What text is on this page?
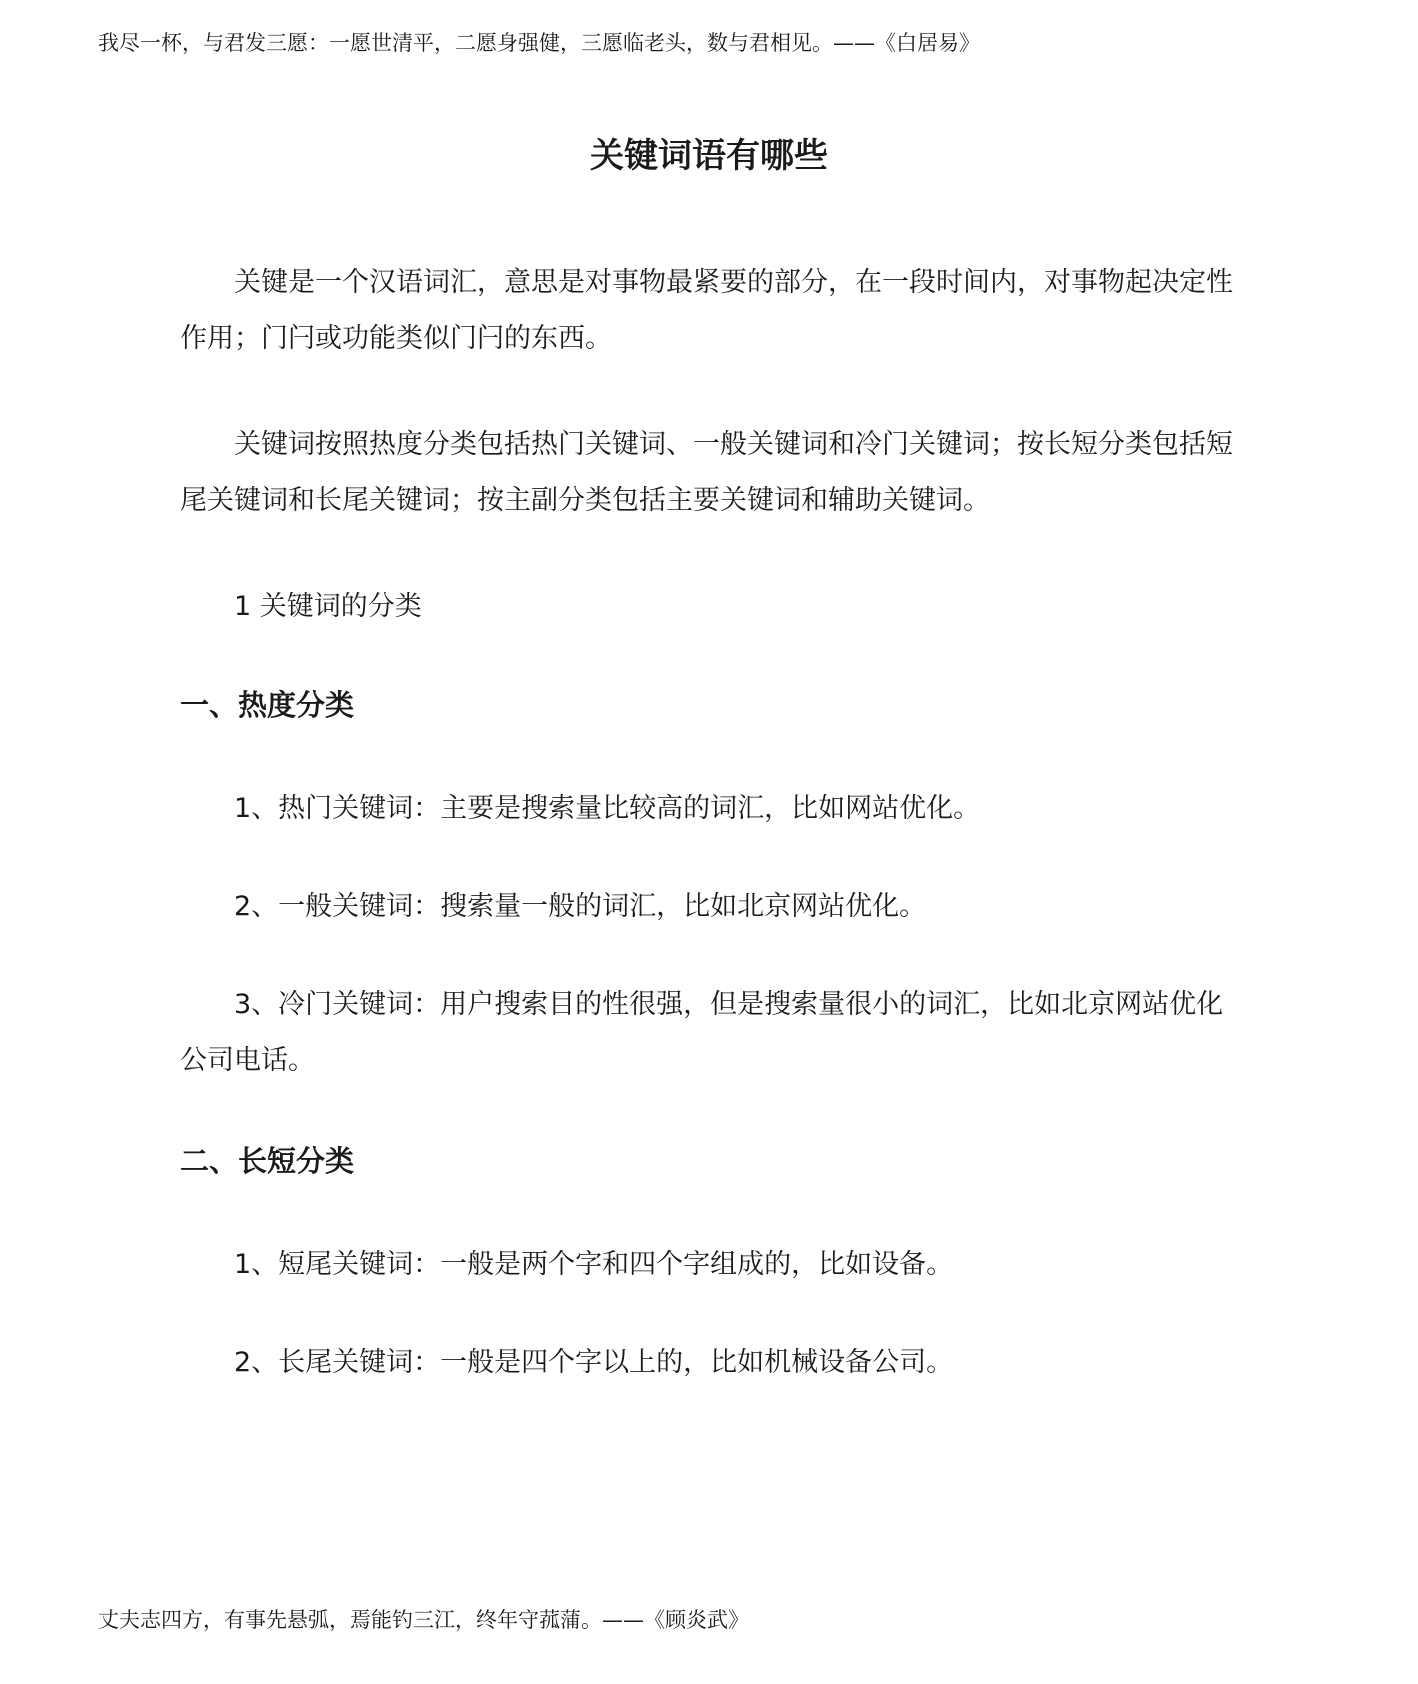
我尽一杯，与君发三愿：一愿世清平，二愿身强健，三愿临老头，数与君相见。——《白居易》
关键词语有哪些

关键是一个汉语词汇，意思是对事物最紧要的部分，在一段时间内，对事物起决定性作用；门闩或功能类似门闩的东西。

关键词按照热度分类包括热门关键词、一般关键词和冷门关键词；按长短分类包括短尾关键词和长尾关键词；按主副分类包括主要关键词和辅助关键词。

1 关键词的分类

一、热度分类

1、热门关键词：主要是搜索量比较高的词汇，比如网站优化。

2、一般关键词：搜索量一般的词汇，比如北京网站优化。

3、冷门关键词：用户搜索目的性很强，但是搜索量很小的词汇，比如北京网站优化公司电话。

二、长短分类

1、短尾关键词：一般是两个字和四个字组成的，比如设备。

2、长尾关键词：一般是四个字以上的，比如机械设备公司。

丈夫志四方，有事先悬弧，焉能钓三江，终年守菰蒲。——《顾炎武》
